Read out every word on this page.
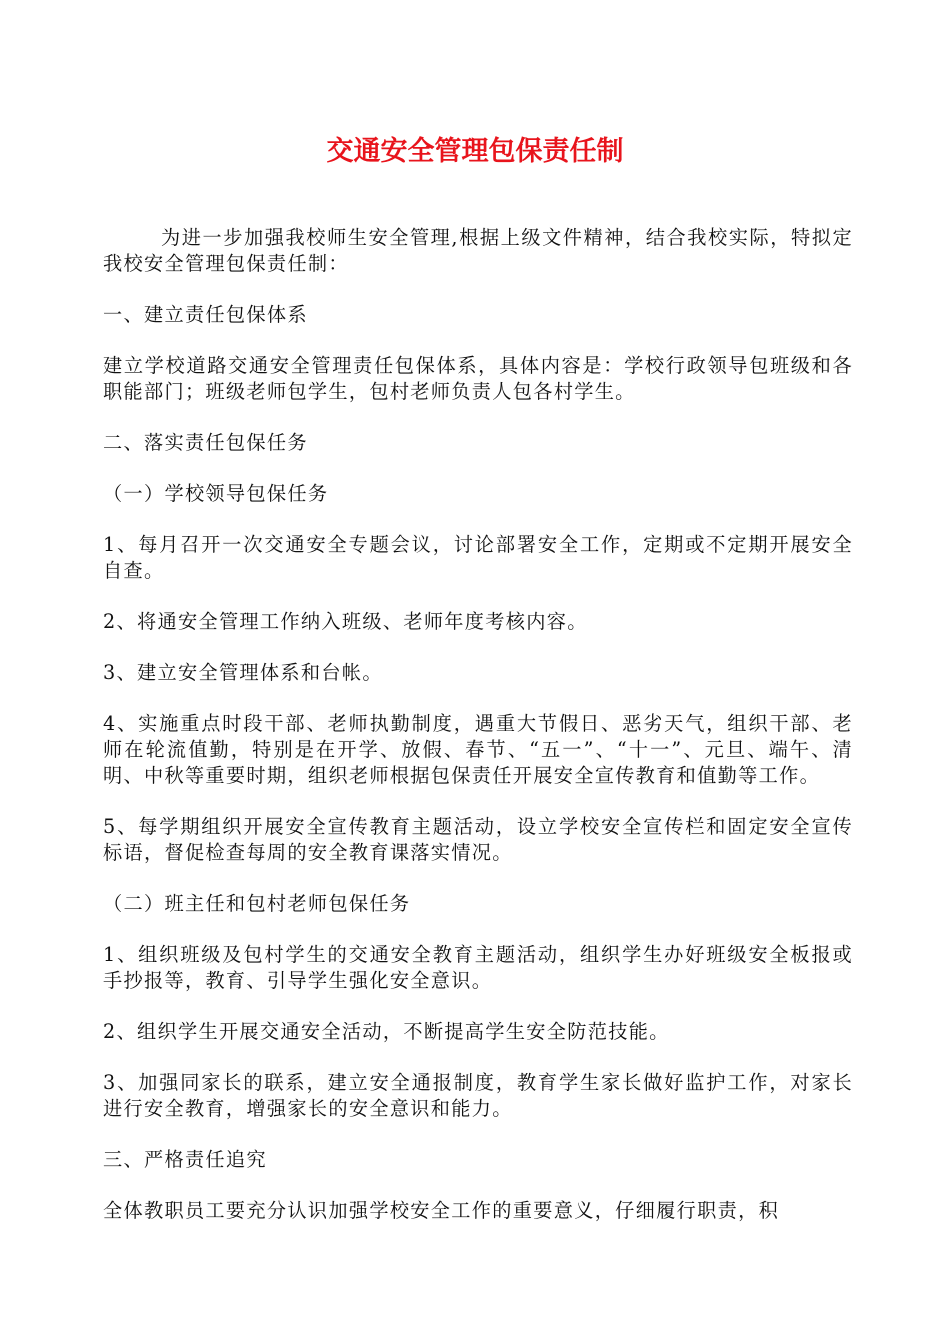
交通安全管理包保责任制

为进一步加强我校师生安全管理,根据上级文件精神，结合我校实际，特拟定我校安全管理包保责任制：

一、建立责任包保体系

建立学校道路交通安全管理责任包保体系，具体内容是：学校行政领导包班级和各职能部门；班级老师包学生，包村老师负责人包各村学生。

二、落实责任包保任务

（一）学校领导包保任务

1、每月召开一次交通安全专题会议，讨论部署安全工作，定期或不定期开展安全自查。

2、将通安全管理工作纳入班级、老师年度考核内容。

3、建立安全管理体系和台帐。

4、实施重点时段干部、老师执勤制度，遇重大节假日、恶劣天气，组织干部、老师在轮流值勤，特别是在开学、放假、春节、“五一”、“十一”、元旦、端午、清明、中秋等重要时期，组织老师根据包保责任开展安全宣传教育和值勤等工作。

5、每学期组织开展安全宣传教育主题活动，设立学校安全宣传栏和固定安全宣传标语，督促检查每周的安全教育课落实情况。

（二）班主任和包村老师包保任务

1、组织班级及包村学生的交通安全教育主题活动，组织学生办好班级安全板报或手抄报等，教育、引导学生强化安全意识。

2、组织学生开展交通安全活动，不断提高学生安全防范技能。

3、加强同家长的联系，建立安全通报制度，教育学生家长做好监护工作，对家长进行安全教育，增强家长的安全意识和能力。

三、严格责任追究

全体教职员工要充分认识加强学校安全工作的重要意义，仔细履行职责，积
